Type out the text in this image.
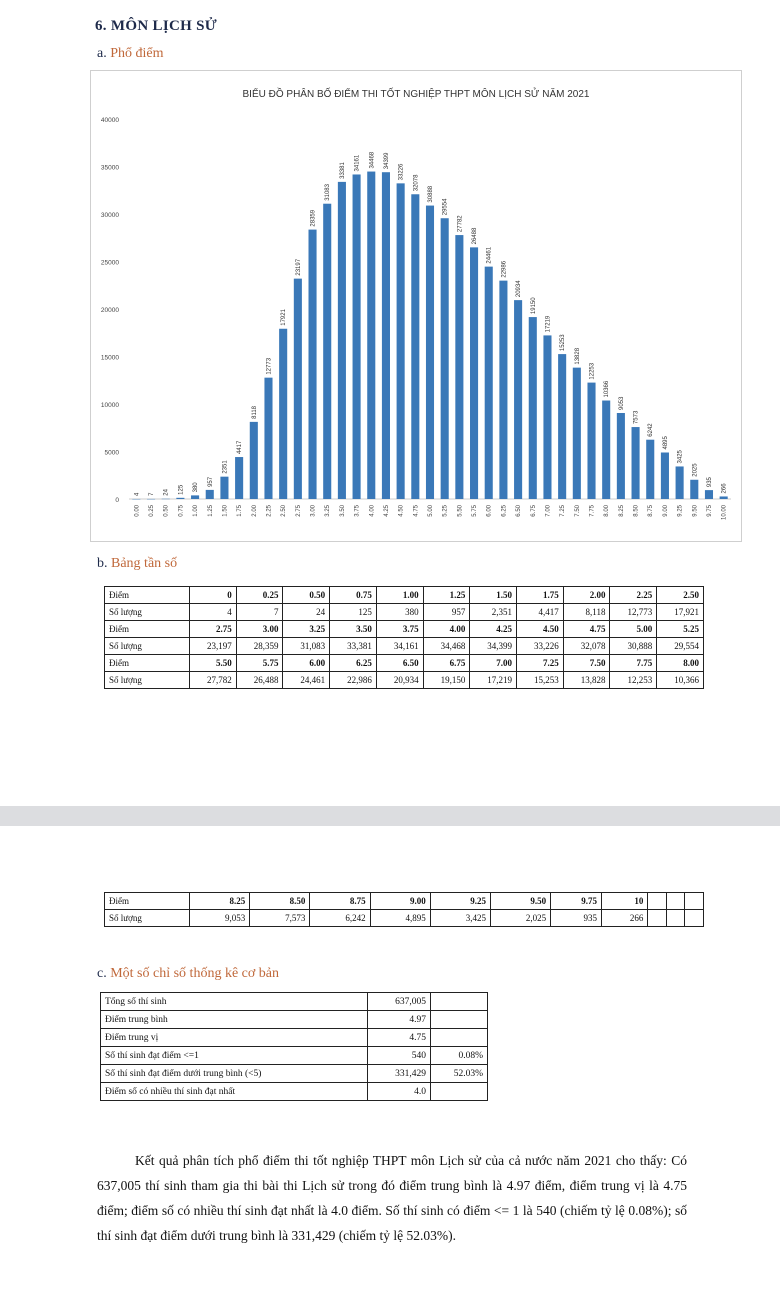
6. MÔN LỊCH SỬ
a. Phổ điểm
BIỂU ĐỒ PHÂN BỐ ĐIỂM THI TỐT NGHIỆP THPT MÔN LỊCH SỬ NĂM 2021
0
5000
10000
15000
20000
25000
30000
35000
40000
4
0.00
7
0.25
24
0.50
125
0.75
380
1.00
957
1.25
2351
1.50
4417
1.75
8118
2.00
12773
2.25
17921
2.50
23197
2.75
28359
3.00
31083
3.25
33381
3.50
34161
3.75
34468
4.00
34399
4.25
33226
4.50
32078
4.75
30888
5.00
29554
5.25
27782
5.50
26488
5.75
24461
6.00
22986
6.25
20934
6.50
19150
6.75
17219
7.00
15253
7.25
13828
7.50
12253
7.75
10366
8.00
9053
8.25
7573
8.50
6242
8.75
4895
9.00
3425
9.25
2025
9.50
935
9.75
266
10.00
b. Bảng tần số
Điểm	0	0.25	0.50	0.75	1.00	1.25	1.50	1.75	2.00	2.25	2.50
Số lượng	4	7	24	125	380	957	2,351	4,417	8,118	12,773	17,921
Điểm	2.75	3.00	3.25	3.50	3.75	4.00	4.25	4.50	4.75	5.00	5.25
Số lượng	23,197	28,359	31,083	33,381	34,161	34,468	34,399	33,226	32,078	30,888	29,554
Điểm	5.50	5.75	6.00	6.25	6.50	6.75	7.00	7.25	7.50	7.75	8.00
Số lượng	27,782	26,488	24,461	22,986	20,934	19,150	17,219	15,253	13,828	12,253	10,366
Điểm	8.25	8.50	8.75	9.00	9.25	9.50	9.75	10			
Số lượng	9,053	7,573	6,242	4,895	3,425	2,025	935	266			
c. Một số chỉ số thống kê cơ bản
Tổng số thí sinh	637,005	
Điểm trung bình	4.97	
Điểm trung vị	4.75	
Số thí sinh đạt điểm <=1	540	0.08%
Số thí sinh đạt điểm dưới trung bình (<5)	331,429	52.03%
Điểm số có nhiều thí sinh đạt nhất	4.0	
Kết quả phân tích phổ điểm thi tốt nghiệp THPT môn Lịch sử của cả nước năm 2021 cho thấy: Có 637,005 thí sinh tham gia thi bài thi Lịch sử trong đó điểm trung bình là 4.97 điểm, điểm trung vị là 4.75 điểm; điểm số có nhiều thí sinh đạt nhất là 4.0 điểm. Số thí sinh có điểm <= 1 là 540 (chiếm tỷ lệ 0.08%); số thí sinh đạt điểm dưới trung bình là 331,429 (chiếm tỷ lệ 52.03%).
